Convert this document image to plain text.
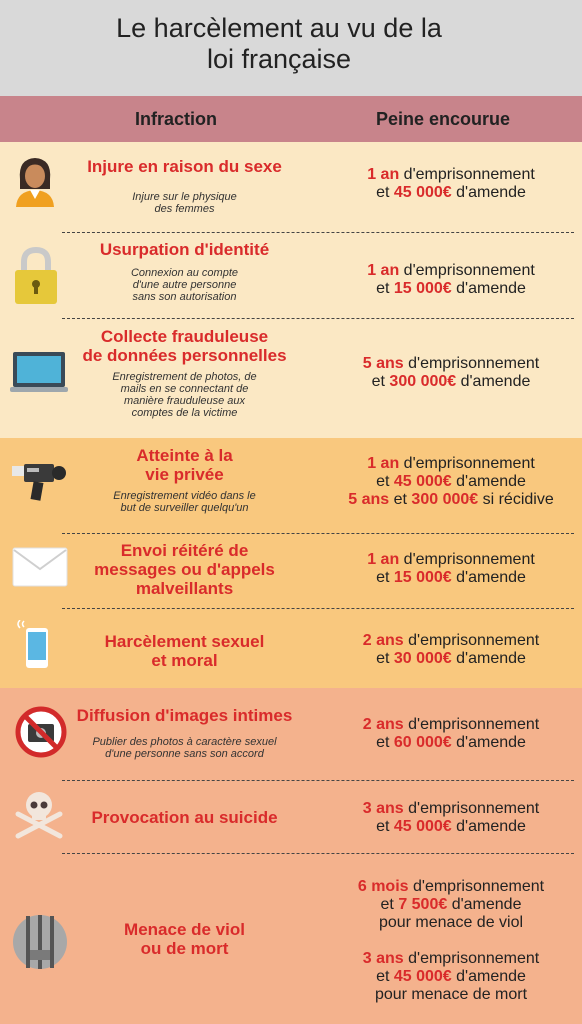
Le harcèlement au vu de la
loi française
Infraction	Peine encourue
Injure en raison du sexe
Injure sur le physique
des femmes
1 an d'emprisonnement
et 45 000€ d'amende
Usurpation d'identité
Connexion au compte
d'une autre personne
sans son autorisation
1 an d'emprisonnement
et 15 000€ d'amende
Collecte frauduleuse
de données personnelles
Enregistrement de photos, de
mails en se connectant de
manière frauduleuse aux
comptes de la victime
5 ans d'emprisonnement
et 300 000€ d'amende
Atteinte à la
vie privée
Enregistrement vidéo dans le
but de surveiller quelqu'un
1 an d'emprisonnement
et 45 000€ d'amende
5 ans et 300 000€ si récidive
Envoi réitéré de
messages ou d'appels
malveillants
1 an d'emprisonnement
et 15 000€ d'amende
Harcèlement sexuel
et moral
2 ans d'emprisonnement
et 30 000€ d'amende
Diffusion d'images intimes
Publier des photos à caractère sexuel
d'une personne sans son accord
2 ans d'emprisonnement
et 60 000€ d'amende
Provocation au suicide	3 ans d'emprisonnement
et 45 000€ d'amende
Menace de viol
ou de mort
6 mois d'emprisonnement
et 7 500€ d'amende
pour menace de viol

3 ans d'emprisonnement
et 45 000€ d'amende
pour menace de mort
